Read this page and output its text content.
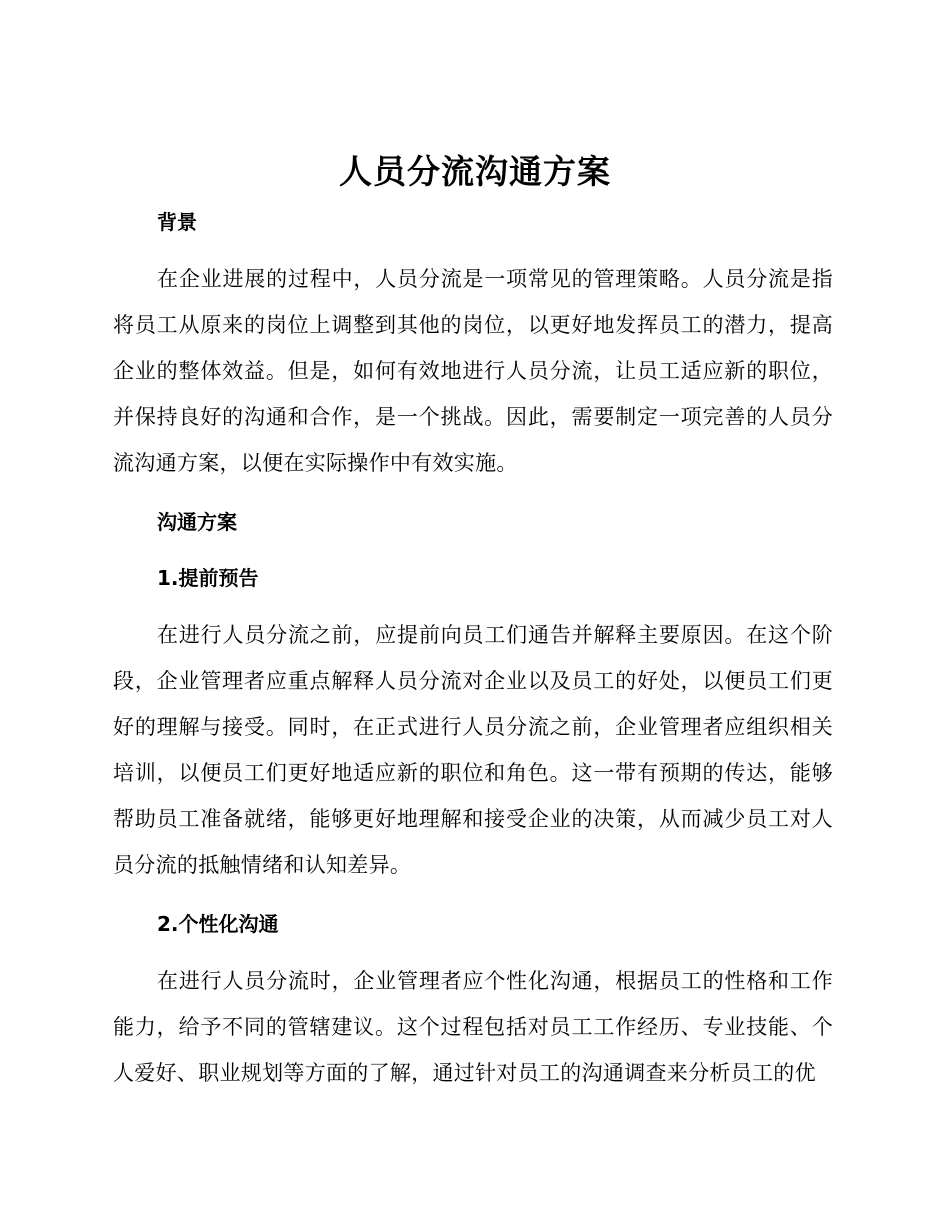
人员分流沟通方案

背景

在企业进展的过程中，人员分流是一项常见的管理策略。人员分流是指将员工从原来的岗位上调整到其他的岗位，以更好地发挥员工的潜力，提高企业的整体效益。但是，如何有效地进行人员分流，让员工适应新的职位，并保持良好的沟通和合作，是一个挑战。因此，需要制定一项完善的人员分流沟通方案，以便在实际操作中有效实施。

沟通方案

1.提前预告

在进行人员分流之前，应提前向员工们通告并解释主要原因。在这个阶段，企业管理者应重点解释人员分流对企业以及员工的好处，以便员工们更好的理解与接受。同时，在正式进行人员分流之前，企业管理者应组织相关培训，以便员工们更好地适应新的职位和角色。这一带有预期的传达，能够帮助员工准备就绪，能够更好地理解和接受企业的决策，从而减少员工对人员分流的抵触情绪和认知差异。

2.个性化沟通

在进行人员分流时，企业管理者应个性化沟通，根据员工的性格和工作能力，给予不同的管辖建议。这个过程包括对员工工作经历、专业技能、个人爱好、职业规划等方面的了解，通过针对员工的沟通调查来分析员工的优
